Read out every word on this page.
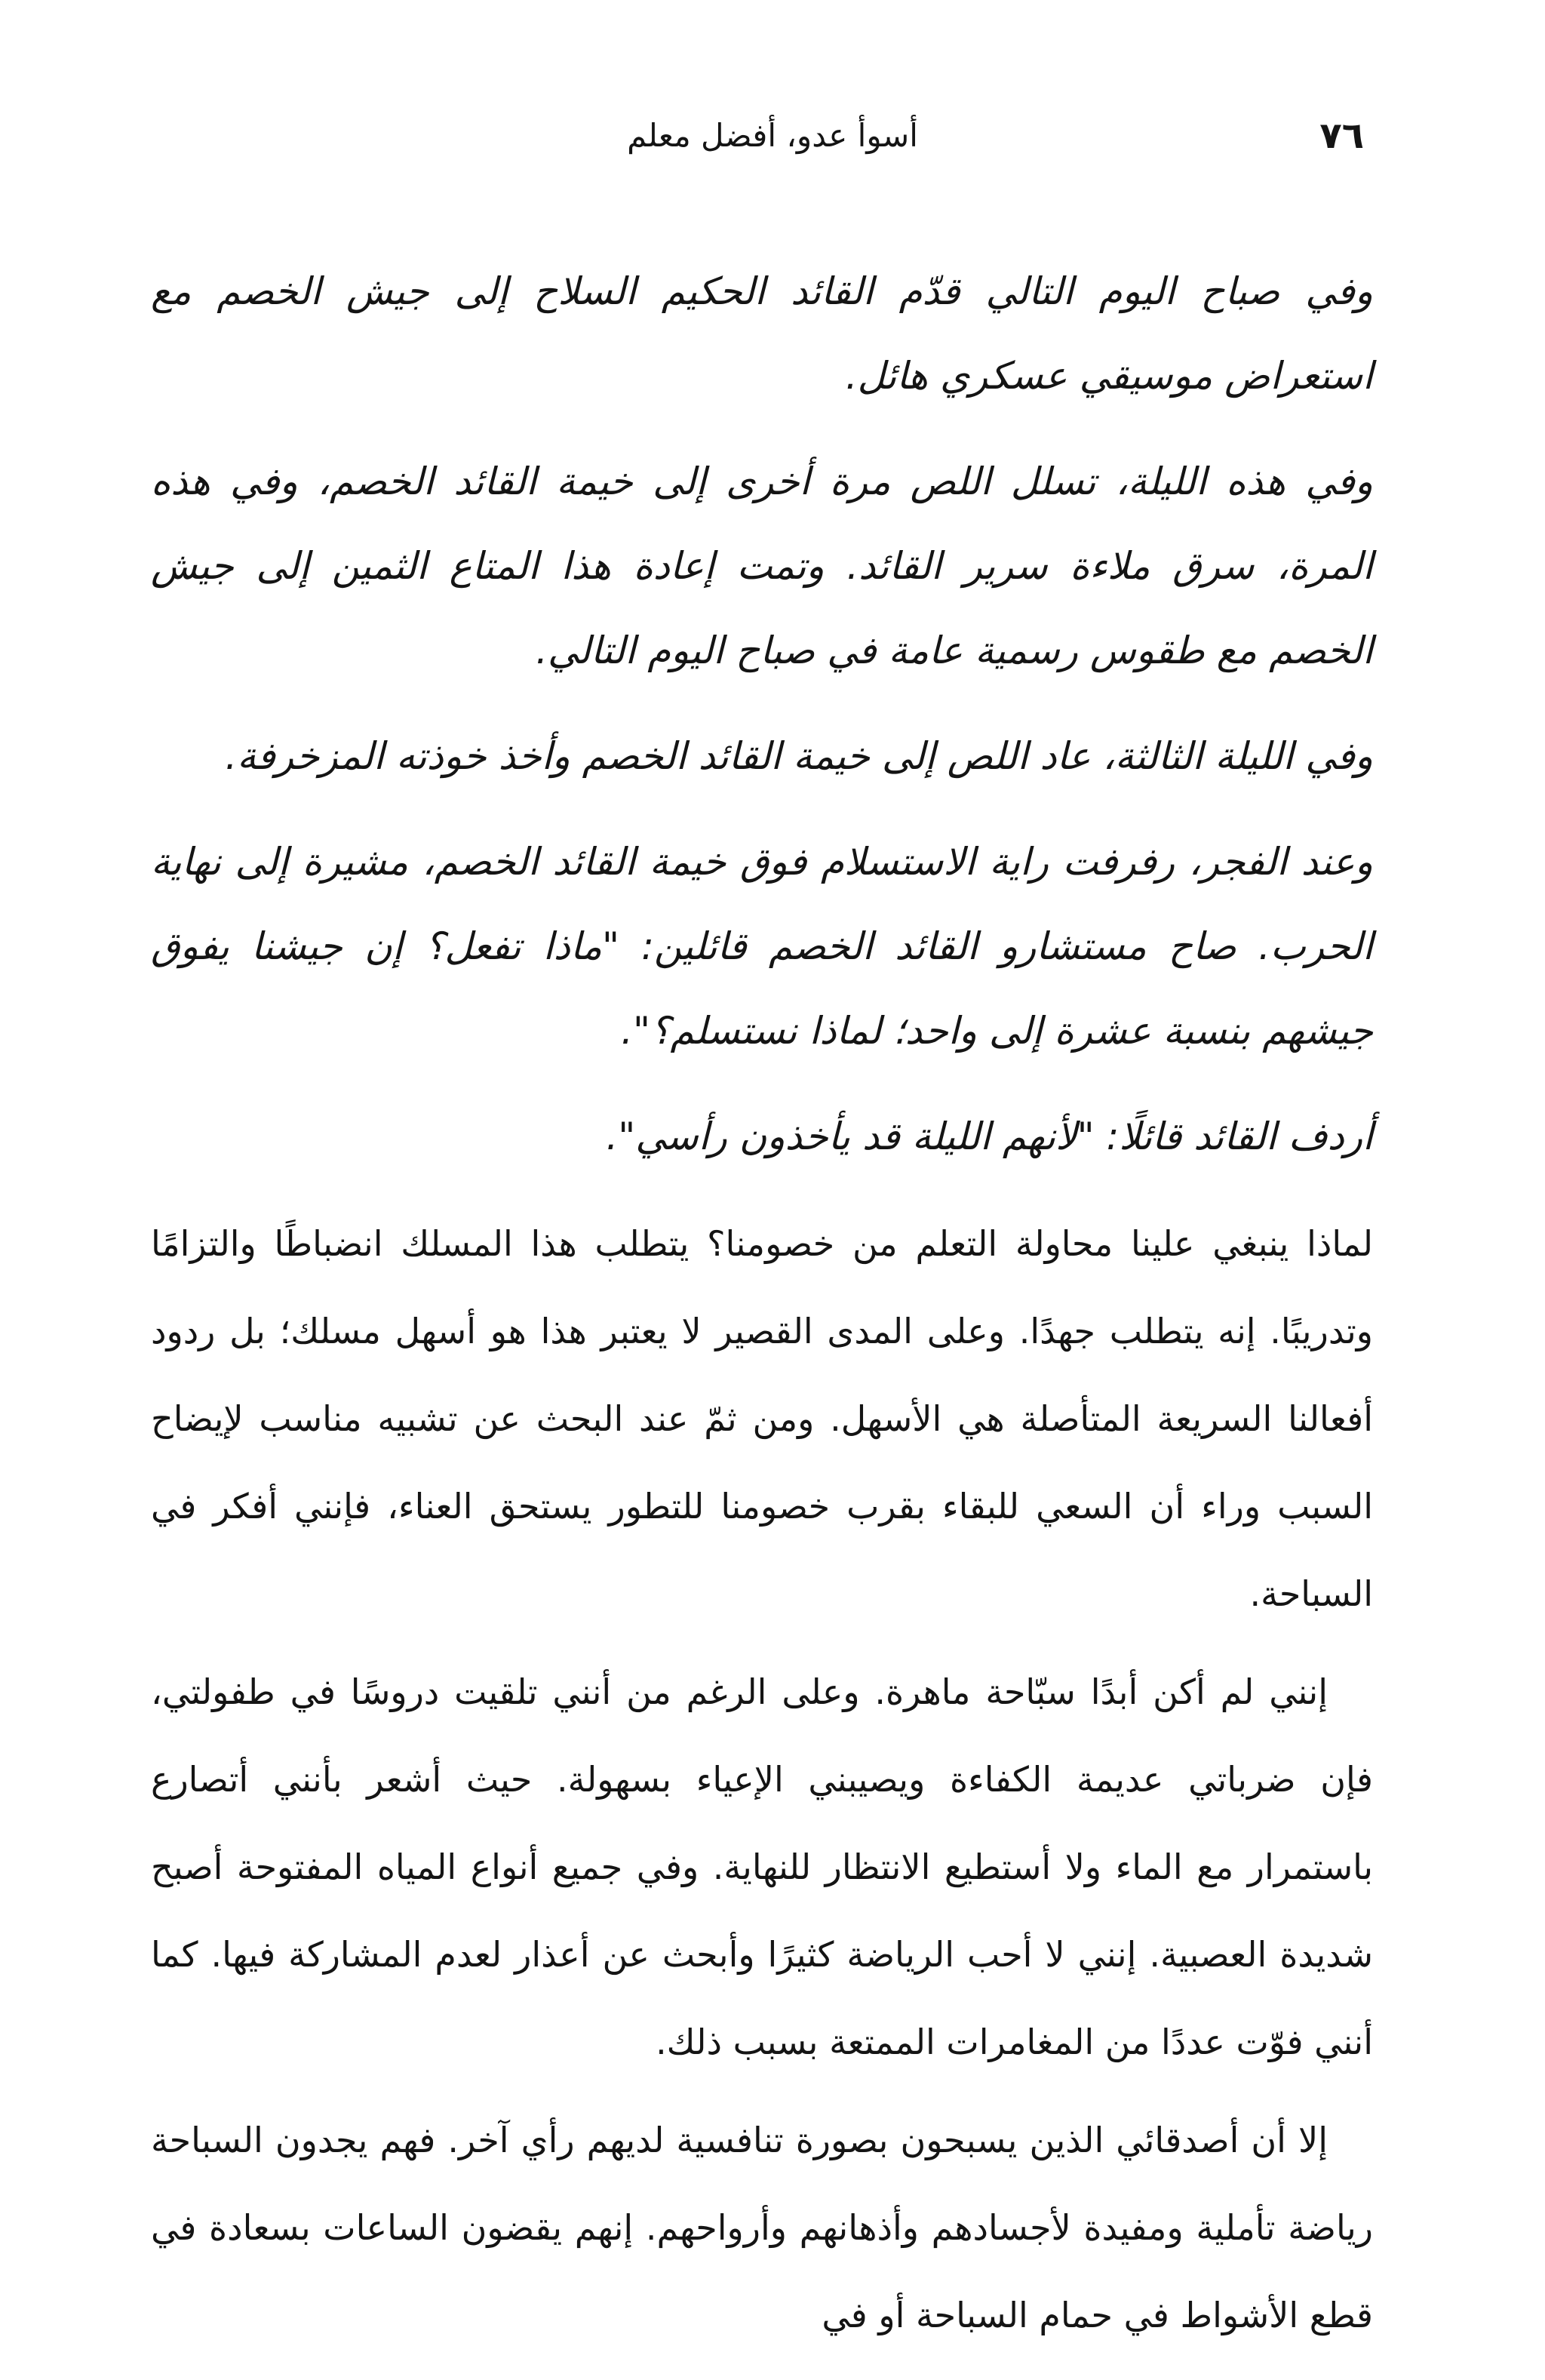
٧٦
أسوأ عدو، أفضل معلم

وفي صباح اليوم التالي قدّم القائد الحكيم السلاح إلى جيش الخصم مع استعراض موسيقي عسكري هائل.

وفي هذه الليلة، تسلل اللص مرة أخرى إلى خيمة القائد الخصم، وفي هذه المرة، سرق ملاءة سرير القائد. وتمت إعادة هذا المتاع الثمين إلى جيش الخصم مع طقوس رسمية عامة في صباح اليوم التالي.

وفي الليلة الثالثة، عاد اللص إلى خيمة القائد الخصم وأخذ خوذته المزخرفة.

وعند الفجر، رفرفت راية الاستسلام فوق خيمة القائد الخصم، مشيرة إلى نهاية الحرب. صاح مستشارو القائد الخصم قائلين: "ماذا تفعل؟ إن جيشنا يفوق جيشهم بنسبة عشرة إلى واحد؛ لماذا نستسلم؟".

أردف القائد قائلًا: "لأنهم الليلة قد يأخذون رأسي".

لماذا ينبغي علينا محاولة التعلم من خصومنا؟ يتطلب هذا المسلك انضباطًا والتزامًا وتدريبًا. إنه يتطلب جهدًا. وعلى المدى القصير لا يعتبر هذا هو أسهل مسلك؛ بل ردود أفعالنا السريعة المتأصلة هي الأسهل. ومن ثمّ عند البحث عن تشبيه مناسب لإيضاح السبب وراء أن السعي للبقاء بقرب خصومنا للتطور يستحق العناء، فإنني أفكر في السباحة.

إنني لم أكن أبدًا سبّاحة ماهرة. وعلى الرغم من أنني تلقيت دروسًا في طفولتي، فإن ضرباتي عديمة الكفاءة ويصيبني الإعياء بسهولة. حيث أشعر بأنني أتصارع باستمرار مع الماء ولا أستطيع الانتظار للنهاية. وفي جميع أنواع المياه المفتوحة أصبح شديدة العصبية. إنني لا أحب الرياضة كثيرًا وأبحث عن أعذار لعدم المشاركة فيها. كما أنني فوّت عددًا من المغامرات الممتعة بسبب ذلك.

إلا أن أصدقائي الذين يسبحون بصورة تنافسية لديهم رأي آخر. فهم يجدون السباحة رياضة تأملية ومفيدة لأجسادهم وأذهانهم وأرواحهم. إنهم يقضون الساعات بسعادة في قطع الأشواط في حمام السباحة أو في
